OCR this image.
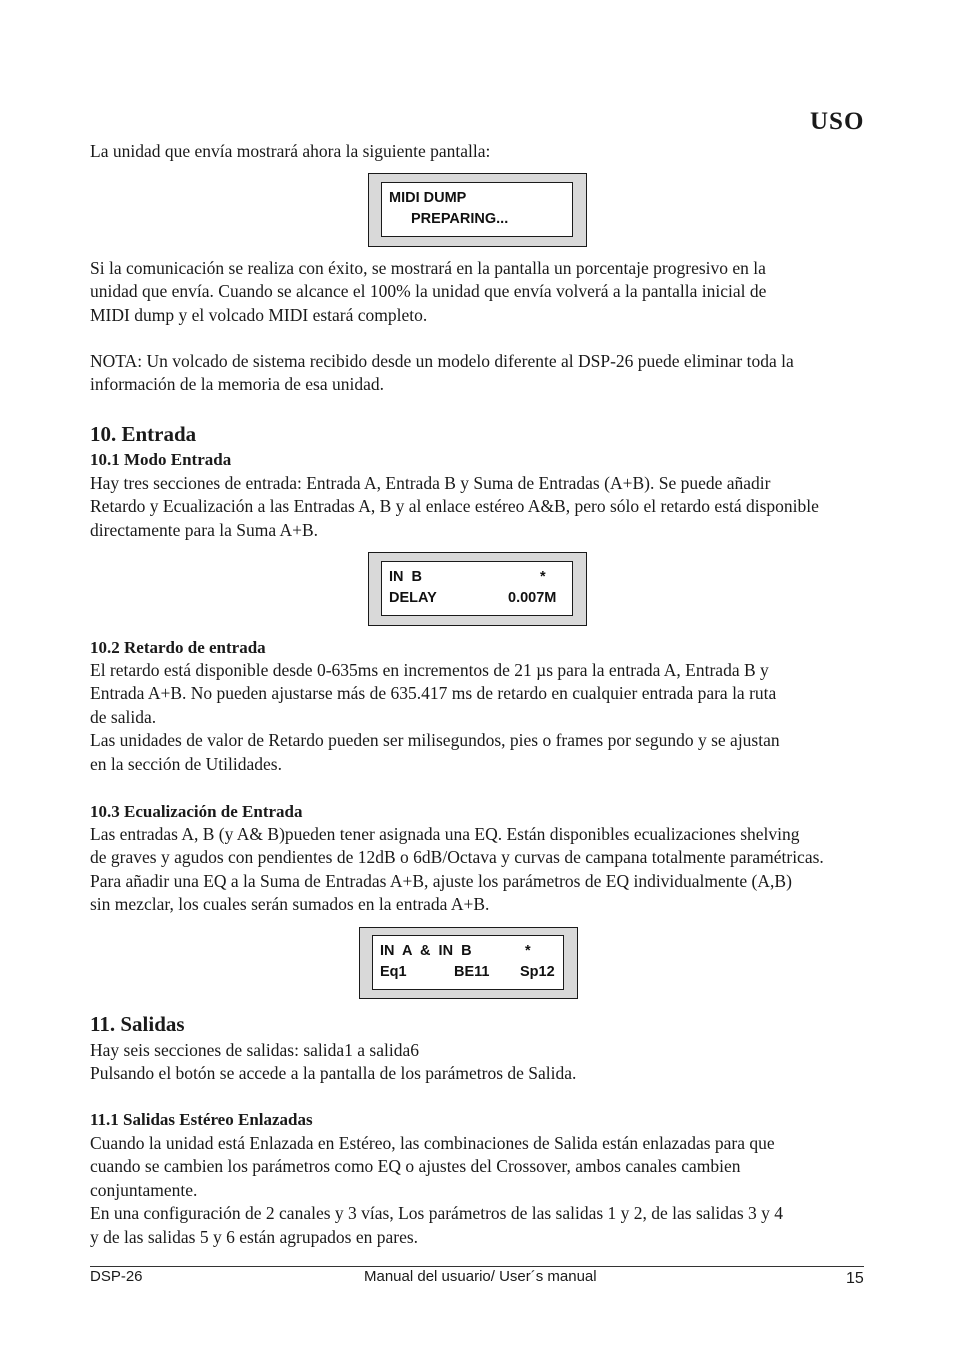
USO
La unidad que envía mostrará ahora la siguiente pantalla:
MIDI DUMP
PREPARING...
Si la comunicación se realiza con éxito, se mostrará en la pantalla un porcentaje progresivo en la
unidad que envía. Cuando se alcance el 100% la unidad que envía volverá a la pantalla inicial de
MIDI dump y el volcado MIDI estará completo.
NOTA: Un volcado de sistema recibido desde un modelo diferente al DSP-26 puede eliminar toda la
información de la memoria de esa unidad.
10. Entrada
10.1 Modo Entrada
Hay tres secciones de entrada: Entrada A, Entrada B y Suma de Entradas (A+B). Se puede añadir
Retardo y Ecualización a las Entradas A, B y al enlace estéreo A&B, pero sólo el retardo está disponible
directamente para la Suma A+B.
IN  B	*
DELAY	0.007M
10.2 Retardo de entrada
El retardo está disponible desde 0-635ms en incrementos de 21 µs para la entrada A, Entrada B y
Entrada A+B. No pueden ajustarse más de 635.417 ms de retardo en cualquier entrada para la ruta
de salida.
Las unidades de valor de Retardo pueden ser milisegundos, pies o frames por segundo y se ajustan
en la sección de Utilidades.
10.3 Ecualización de Entrada
Las entradas A, B (y A& B)pueden tener asignada una EQ. Están disponibles ecualizaciones shelving
de graves y agudos con pendientes de 12dB o 6dB/Octava y curvas de campana totalmente paramétricas.
Para añadir una EQ a la Suma de Entradas A+B, ajuste los parámetros de EQ individualmente (A,B)
sin mezclar, los cuales serán sumados en la entrada A+B.
IN  A  &  IN  B	*
Eq1	BE11 Sp12
11. Salidas
Hay seis secciones de salidas: salida1 a salida6
Pulsando el botón se accede a la pantalla de los parámetros de Salida.
11.1 Salidas Estéreo Enlazadas
Cuando la unidad está Enlazada en Estéreo, las combinaciones de Salida están enlazadas para que
cuando se cambien los parámetros como EQ o ajustes del Crossover, ambos canales cambien
conjuntamente.
En una configuración de 2 canales y 3 vías, Los parámetros de las salidas 1 y 2, de las salidas 3 y 4
y de las salidas 5 y 6 están agrupados en pares.
DSP-26	Manual del usuario/ User´s manual	15
